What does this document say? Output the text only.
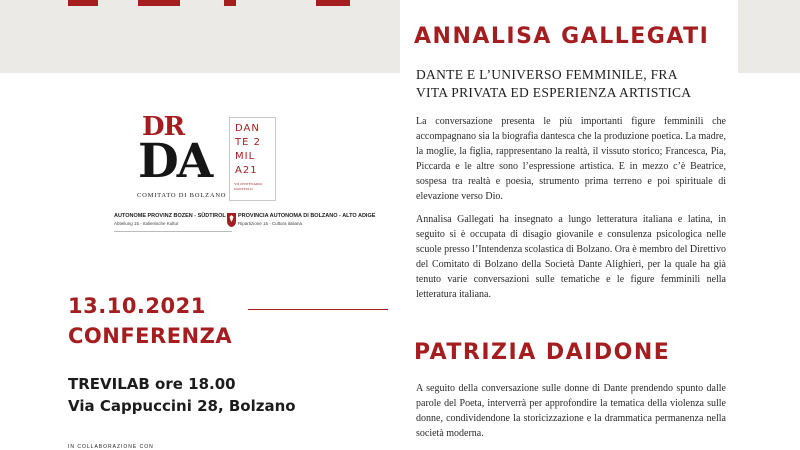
DR
DA
COMITATO DI BOLZANO
DAN
TE 2
MIL
A21
VII CENTENARIO DANTESCO
AUTONOME PROVINZ BOZEN - SÜDTIROL
Abteilung 15 - Italienische Kultur
PROVINCIA AUTONOMA DI BOLZANO - ALTO ADIGE
Ripartizione 15 - Cultura italiana
13.10.2021
CONFERENZA
TREVILAB ore 18.00
Via Cappuccini 28, Bolzano
IN COLLABORAZIONE CON
ANNALISA GALLEGATI
DANTE E L’UNIVERSO FEMMINILE, FRA
VITA PRIVATA ED ESPERIENZA ARTISTICA

La conversazione presenta le più importanti figure femminili che accompagnano sia la biografia dantesca che la produzione poetica. La madre, la moglie, la figlia, rappresentano la realtà, il vissuto storico; Francesca, Pia, Piccarda e le altre sono l’espressione artistica. E in mezzo c’è Beatrice, sospesa tra realtà e poesia, strumento prima terreno e poi spirituale di elevazione verso Dio.

Annalisa Gallegati ha insegnato a lungo letteratura italiana e latina, in seguito si è occupata di disagio giovanile e consulenza psicologica nelle scuole presso l’Intendenza scolastica di Bolzano. Ora è membro del Direttivo del Comitato di Bolzano della Società Dante Alighieri, per la quale ha già tenuto varie conversazioni sulle tematiche e le figure femminili nella letteratura italiana.

PATRIZIA DAIDONE

A seguito della conversazione sulle donne di Dante prendendo spunto dalle parole del Poeta, interverrà per approfondire la tematica della violenza sulle donne, condividendone la storicizzazione e la drammatica permanenza nella società moderna.
